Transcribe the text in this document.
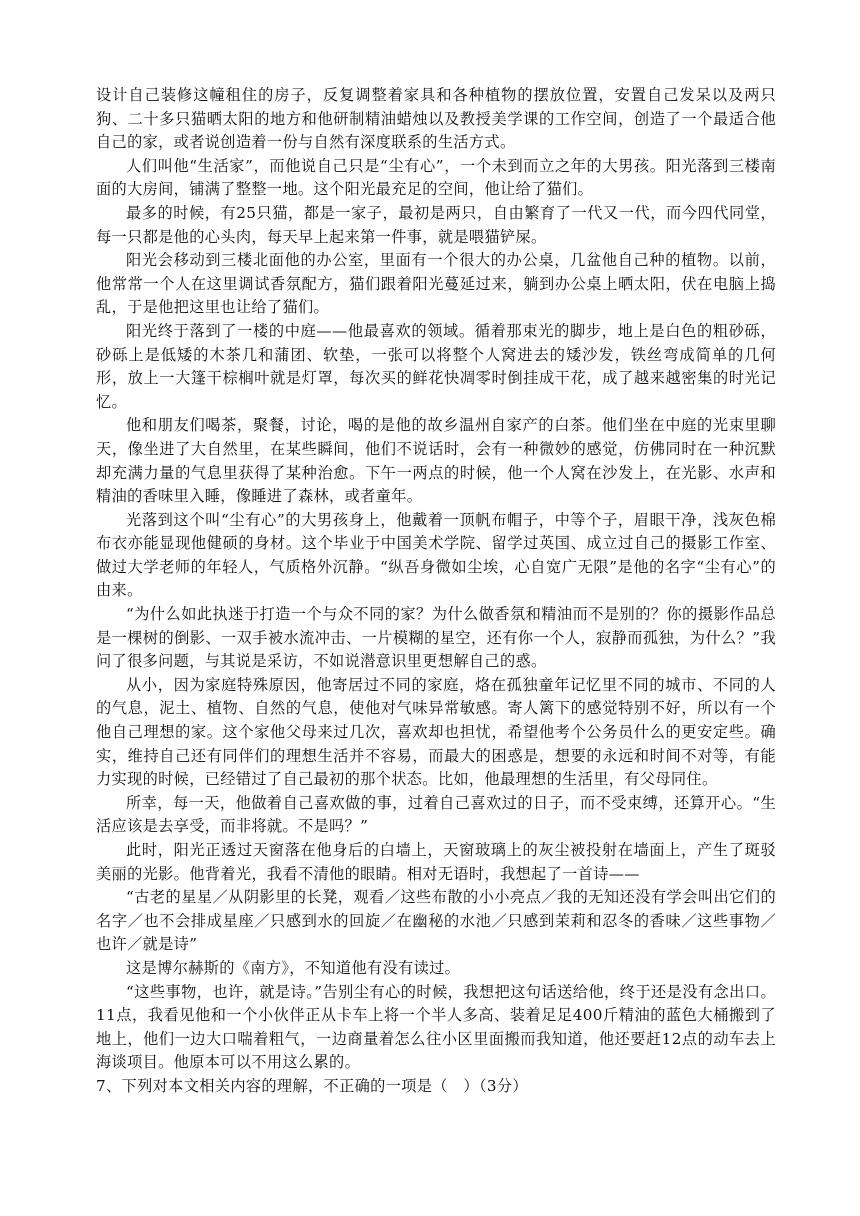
设计自己装修这幢租住的房子，反复调整着家具和各种植物的摆放位置，安置自己发呆以及两只狗、二十多只猫晒太阳的地方和他研制精油蜡烛以及教授美学课的工作空间，创造了一个最适合他自己的家，或者说创造着一份与自然有深度联系的生活方式。

人们叫他“生活家”，而他说自己只是“尘有心”，一个未到而立之年的大男孩。阳光落到三楼南面的大房间，铺满了整整一地。这个阳光最充足的空间，他让给了猫们。

最多的时候，有25只猫，都是一家子，最初是两只，自由繁育了一代又一代，而今四代同堂，每一只都是他的心头肉，每天早上起来第一件事，就是喂猫铲屎。

阳光会移动到三楼北面他的办公室，里面有一个很大的办公桌，几盆他自己种的植物。以前，他常常一个人在这里调试香氛配方，猫们跟着阳光蔓延过来，躺到办公桌上晒太阳，伏在电脑上捣乱，于是他把这里也让给了猫们。

阳光终于落到了一楼的中庭——他最喜欢的领域。循着那束光的脚步，地上是白色的粗砂砾，砂砾上是低矮的木茶几和蒲团、软垫，一张可以将整个人窝进去的矮沙发，铁丝弯成简单的几何形，放上一大篷干棕榈叶就是灯罩，每次买的鲜花快凋零时倒挂成干花，成了越来越密集的时光记忆。

他和朋友们喝茶，聚餐，讨论，喝的是他的故乡温州自家产的白茶。他们坐在中庭的光束里聊天，像坐进了大自然里，在某些瞬间，他们不说话时，会有一种微妙的感觉，仿佛同时在一种沉默却充满力量的气息里获得了某种治愈。下午一两点的时候，他一个人窝在沙发上，在光影、水声和精油的香味里入睡，像睡进了森林，或者童年。

光落到这个叫“尘有心”的大男孩身上，他戴着一顶帆布帽子，中等个子，眉眼干净，浅灰色棉布衣亦能显现他健硕的身材。这个毕业于中国美术学院、留学过英国、成立过自己的摄影工作室、做过大学老师的年轻人，气质格外沉静。“纵吾身微如尘埃，心自宽广无限”是他的名字“尘有心”的由来。

“为什么如此执迷于打造一个与众不同的家？为什么做香氛和精油而不是别的？你的摄影作品总是一棵树的倒影、一双手被水流冲击、一片模糊的星空，还有你一个人，寂静而孤独，为什么？”我问了很多问题，与其说是采访，不如说潜意识里更想解自己的惑。

从小，因为家庭特殊原因，他寄居过不同的家庭，烙在孤独童年记忆里不同的城市、不同的人的气息，泥土、植物、自然的气息，使他对气味异常敏感。寄人篱下的感觉特别不好，所以有一个他自己理想的家。这个家他父母来过几次，喜欢却也担忧，希望他考个公务员什么的更安定些。确实，维持自己还有同伴们的理想生活并不容易，而最大的困惑是，想要的永远和时间不对等，有能力实现的时候，已经错过了自己最初的那个状态。比如，他最理想的生活里，有父母同住。

所幸，每一天，他做着自己喜欢做的事，过着自己喜欢过的日子，而不受束缚，还算开心。“生活应该是去享受，而非将就。不是吗？”

此时，阳光正透过天窗落在他身后的白墙上，天窗玻璃上的灰尘被投射在墙面上，产生了斑驳美丽的光影。他背着光，我看不清他的眼睛。相对无语时，我想起了一首诗——

“古老的星星／从阴影里的长凳，观看／这些布散的小小亮点／我的无知还没有学会叫出它们的名字／也不会排成星座／只感到水的回旋／在幽秘的水池／只感到茉莉和忍冬的香味／这些事物／也许／就是诗”

这是博尔赫斯的《南方》，不知道他有没有读过。

“这些事物，也许，就是诗。”告别尘有心的时候，我想把这句话送给他，终于还是没有念出口。11点，我看见他和一个小伙伴正从卡车上将一个半人多高、装着足足400斤精油的蓝色大桶搬到了地上，他们一边大口喘着粗气，一边商量着怎么往小区里面搬而我知道，他还要赶12点的动车去上海谈项目。他原本可以不用这么累的。

7、下列对本文相关内容的理解，不正确的一项是（　）（3分）
